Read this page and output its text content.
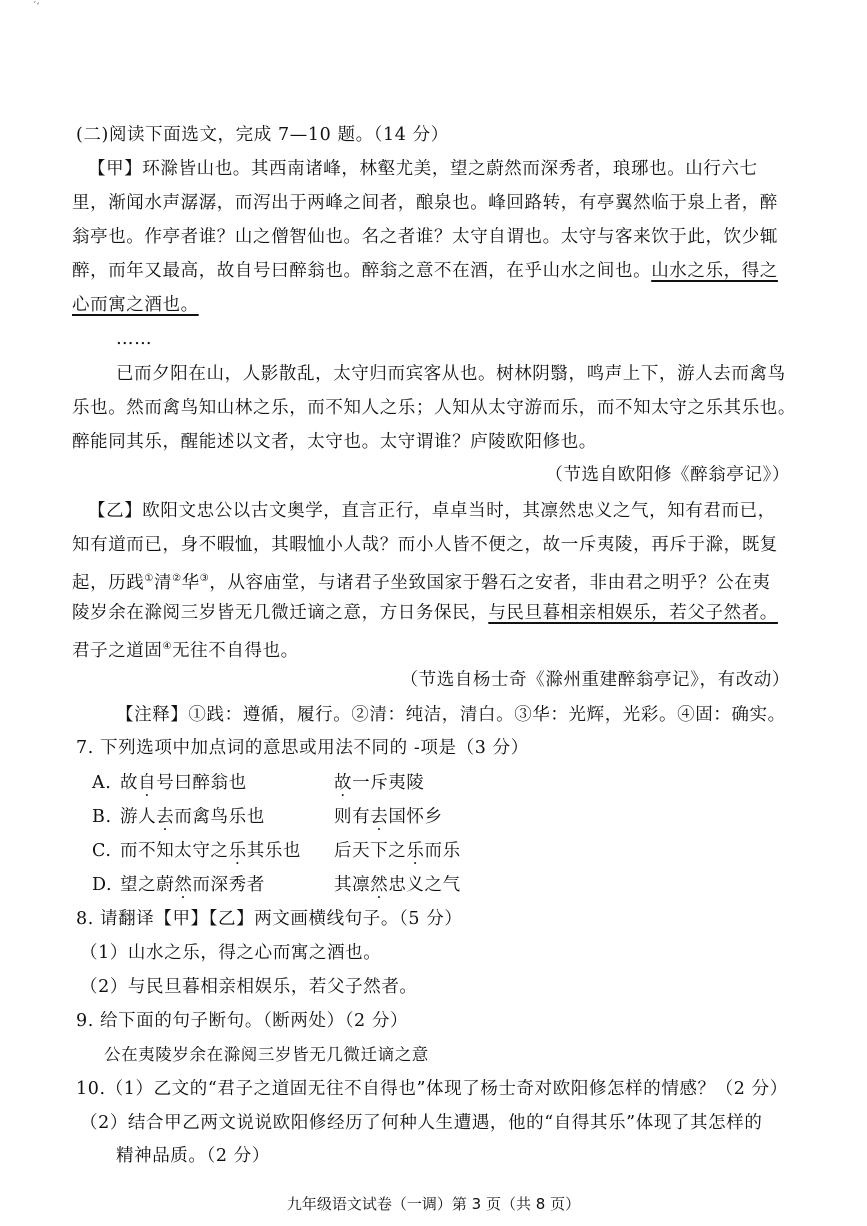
´‘
(二)阅读下面选文，完成 7—10 题。（14 分）
【甲】环滁皆山也。其西南诸峰，林壑尤美，望之蔚然而深秀者，琅琊也。山行六七
里，渐闻水声潺潺，而泻出于两峰之间者，酿泉也。峰回路转，有亭翼然临于泉上者，醉
翁亭也。作亭者谁？山之僧智仙也。名之者谁？太守自谓也。太守与客来饮于此，饮少辄
醉，而年又最高，故自号曰醉翁也。醉翁之意不在酒，在乎山水之间也。山水之乐，得之
心而寓之酒也。
……
已而夕阳在山，人影散乱，太守归而宾客从也。树林阴翳，鸣声上下，游人去而禽鸟
乐也。然而禽鸟知山林之乐，而不知人之乐；人知从太守游而乐，而不知太守之乐其乐也。
醉能同其乐，醒能述以文者，太守也。太守谓谁？庐陵欧阳修也。
（节选自欧阳修《醉翁亭记》）
【乙】欧阳文忠公以古文奥学，直言正行，卓卓当时，其凛然忠义之气，知有君而已，
知有道而已，身不暇恤，其暇恤小人哉？而小人皆不便之，故一斥夷陵，再斥于滁，既复
起，历践①清②华③，从容庙堂，与诸君子坐致国家于磐石之安者，非由君之明乎？公在夷
陵岁余在滁阅三岁皆无几微迁谪之意，方日务保民，与民旦暮相亲相娱乐，若父子然者。
君子之道固④无往不自得也。
（节选自杨士奇《滁州重建醉翁亭记》，有改动）
【注释】①践：遵循，履行。②清：纯洁，清白。③华：光辉，光彩。④固：确实。
7. 下列选项中加点词的意思或用法不同的 -项是（3 分）
A. 故自号曰醉翁也	故一斥夷陵
B. 游人去而禽鸟乐也	则有去国怀乡
C. 而不知太守之乐其乐也 后天下之乐而乐
D. 望之蔚然而深秀者	其凛然忠义之气
8. 请翻译【甲】【乙】两文画横线句子。（5 分）
（1）山水之乐，得之心而寓之酒也。
（2）与民旦暮相亲相娱乐，若父子然者。
9. 给下面的句子断句。（断两处）（2 分）
公在夷陵岁余在滁阅三岁皆无几微迁谪之意
10.（1）乙文的“君子之道固无往不自得也”体现了杨士奇对欧阳修怎样的情感？（2 分）
（2）结合甲乙两文说说欧阳修经历了何种人生遭遇，他的“自得其乐”体现了其怎样的
精神品质。（2 分）
九年级语文试卷（一调）第 3 页（共 8 页）
